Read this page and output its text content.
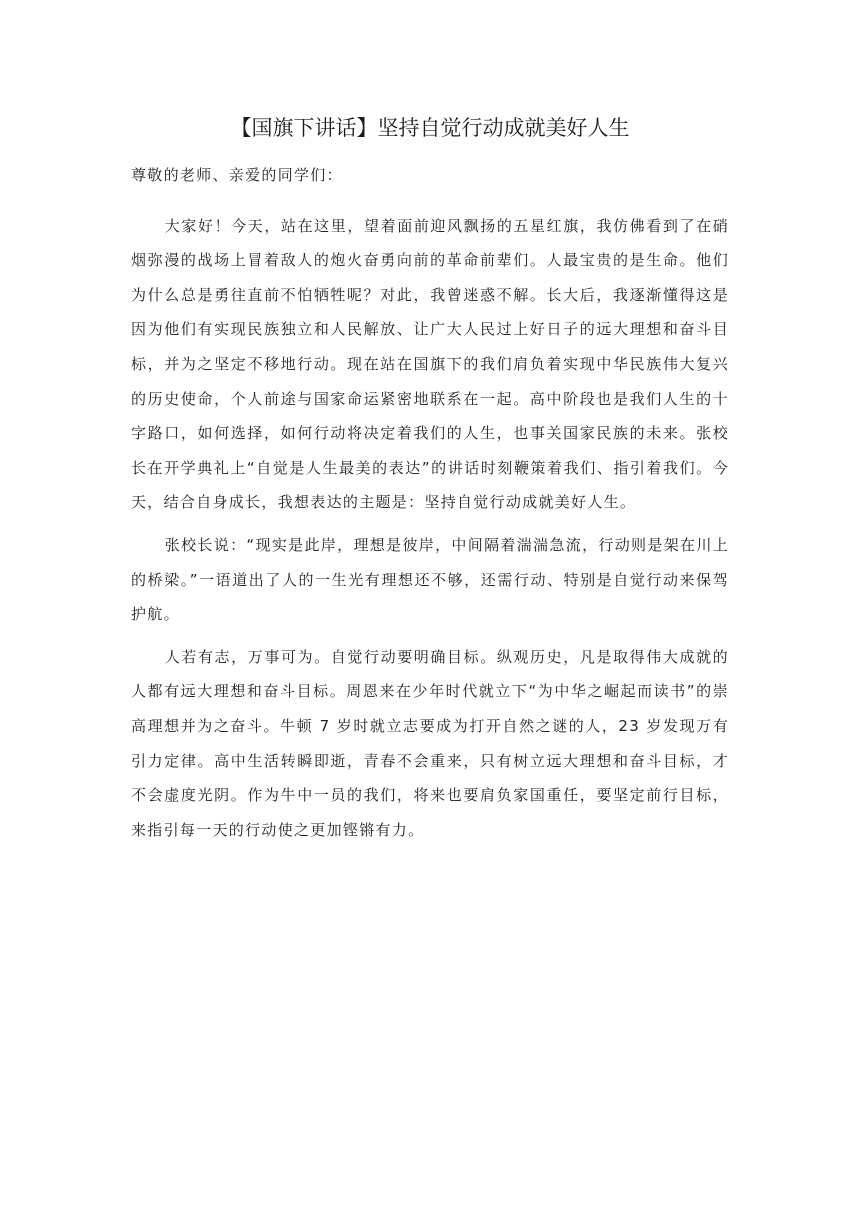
【国旗下讲话】坚持自觉行动成就美好人生

尊敬的老师、亲爱的同学们：

大家好！今天，站在这里，望着面前迎风飘扬的五星红旗，我仿佛看到了在硝烟弥漫的战场上冒着敌人的炮火奋勇向前的革命前辈们。人最宝贵的是生命。他们为什么总是勇往直前不怕牺牲呢？对此，我曾迷惑不解。长大后，我逐渐懂得这是因为他们有实现民族独立和人民解放、让广大人民过上好日子的远大理想和奋斗目标，并为之坚定不移地行动。现在站在国旗下的我们肩负着实现中华民族伟大复兴的历史使命，个人前途与国家命运紧密地联系在一起。高中阶段也是我们人生的十字路口，如何选择，如何行动将决定着我们的人生，也事关国家民族的未来。张校长在开学典礼上“自觉是人生最美的表达”的讲话时刻鞭策着我们、指引着我们。今天，结合自身成长，我想表达的主题是：坚持自觉行动成就美好人生。

张校长说：“现实是此岸，理想是彼岸，中间隔着湍湍急流，行动则是架在川上的桥梁。”一语道出了人的一生光有理想还不够，还需行动、特别是自觉行动来保驾护航。

人若有志，万事可为。自觉行动要明确目标。纵观历史，凡是取得伟大成就的人都有远大理想和奋斗目标。周恩来在少年时代就立下“为中华之崛起而读书”的崇高理想并为之奋斗。牛顿 7 岁时就立志要成为打开自然之谜的人，23 岁发现万有引力定律。高中生活转瞬即逝，青春不会重来，只有树立远大理想和奋斗目标，才不会虚度光阴。作为牛中一员的我们，将来也要肩负家国重任，要坚定前行目标，来指引每一天的行动使之更加铿锵有力。
